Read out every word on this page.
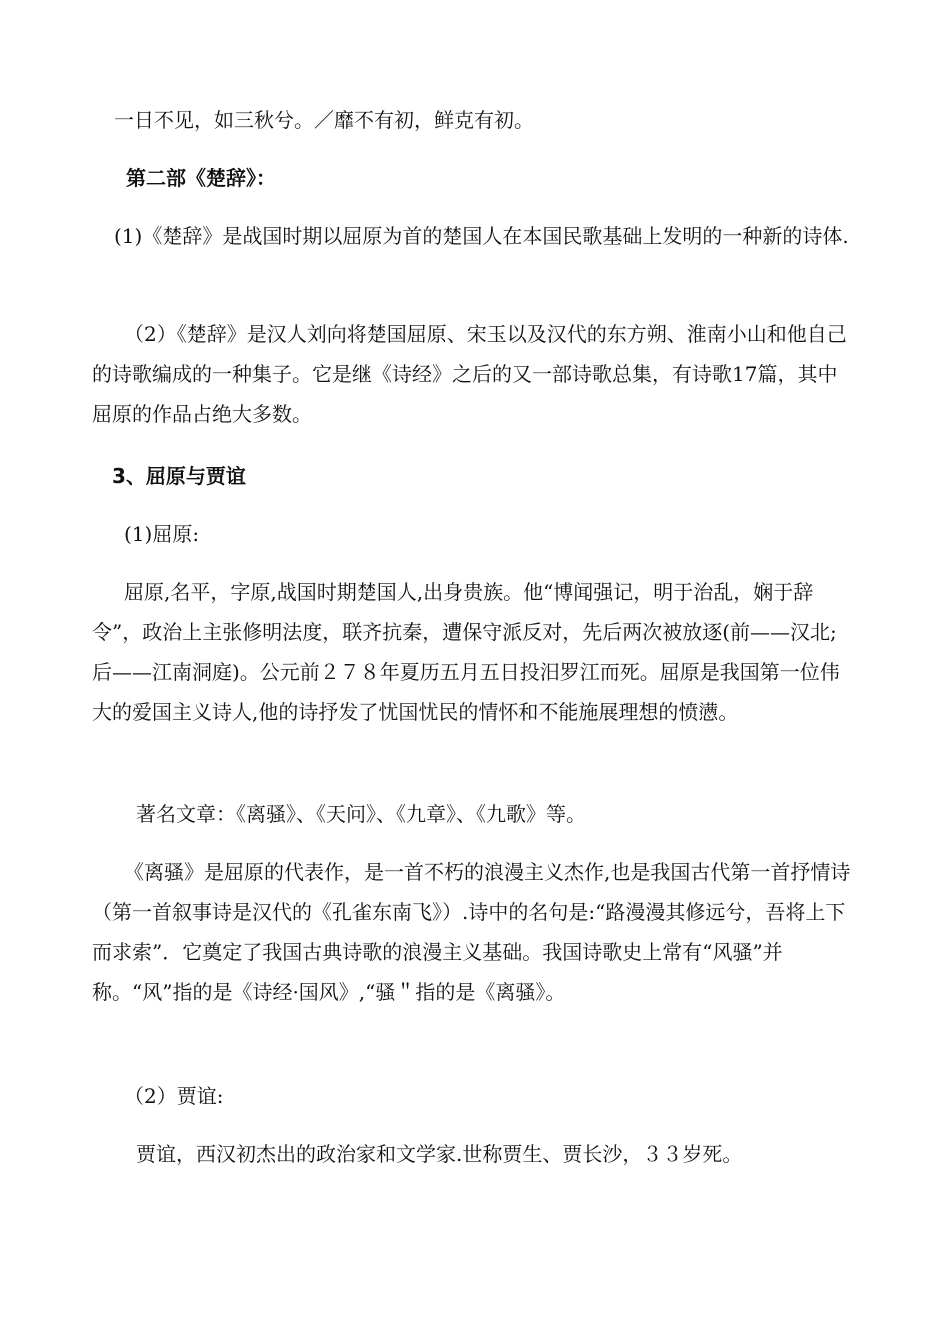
一日不见，如三秋兮。／靡不有初，鲜克有初。

第二部《楚辞》：

(1)《楚辞》是战国时期以屈原为首的楚国人在本国民歌基础上发明的一种新的诗体.

（2）《楚辞》是汉人刘向将楚国屈原、宋玉以及汉代的东方朔、淮南小山和他自己的诗歌编成的一种集子。它是继《诗经》之后的又一部诗歌总集，有诗歌17篇，其中屈原的作品占绝大多数。

3、屈原与贾谊

(1)屈原:

屈原,名平，字原,战国时期楚国人,出身贵族。他“博闻强记，明于治乱，娴于辞令”，政治上主张修明法度，联齐抗秦，遭保守派反对，先后两次被放逐(前——汉北;后——江南洞庭)。公元前２７８年夏历五月五日投汨罗江而死。屈原是我国第一位伟大的爱国主义诗人,他的诗抒发了忧国忧民的情怀和不能施展理想的愤懑。

著名文章：《离骚》、《天问》、《九章》、《九歌》等。

《离骚》是屈原的代表作，是一首不朽的浪漫主义杰作,也是我国古代第一首抒情诗（第一首叙事诗是汉代的《孔雀东南飞》）.诗中的名句是:“路漫漫其修远兮，吾将上下而求索”．它奠定了我国古典诗歌的浪漫主义基础。我国诗歌史上常有“风骚”并称。“风”指的是《诗经·国风》,“骚＂指的是《离骚》。

（2）贾谊:

贾谊，西汉初杰出的政治家和文学家.世称贾生、贾长沙，３３岁死。
